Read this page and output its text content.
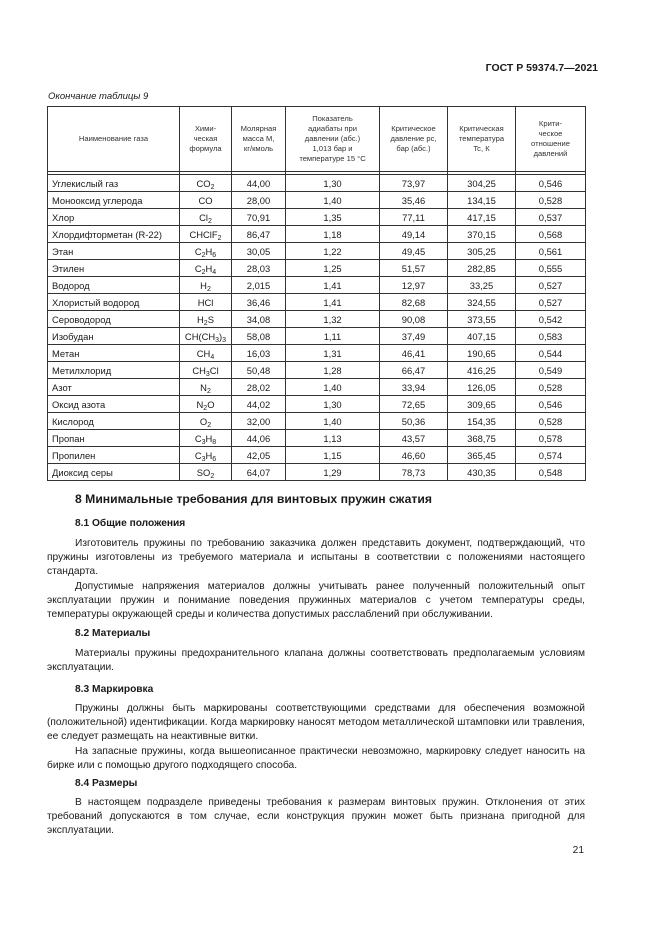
ГОСТ Р 59374.7—2021
Окончание таблицы 9
Наименование газа	Хими-
ческая
формула	Молярная
масса M,
кг/кмоль	Показатель
адиабаты при
давлении (абс.)
1,013 бар и
температуре 15 °С	Критическое
давление pc,
бар (абс.)	Критическая
температура
Tc, К	Крити-
ческое
отношение
давлений

Углекислый газ	$CO_2$	44,00	1,30	73,97	304,25	0,546
Монооксид углерода	CO	28,00	1,40	35,46	134,15	0,528
Хлор	$Cl_2$	70,91	1,35	77,11	417,15	0,537
Хлордифторметан (R-22)	CHClF$_2$	86,47	1,18	49,14	370,15	0,568
Этан	$C_2H_6$	30,05	1,22	49,45	305,25	0,561
Этилен	$C_2H_4$	28,03	1,25	51,57	282,85	0,555
Водород	$H_2$	2,015	1,41	12,97	33,25	0,527
Хлористый водород	HCl	36,46	1,41	82,68	324,55	0,527
Сероводород	$H_2S$	34,08	1,32	90,08	373,55	0,542
Изобудан	$CH(CH_3)_3$	58,08	1,11	37,49	407,15	0,583
Метан	$CH_4$	16,03	1,31	46,41	190,65	0,544
Метилхлорид	$CH_3Cl$	50,48	1,28	66,47	416,25	0,549
Азот	$N_2$	28,02	1,40	33,94	126,05	0,528
Оксид азота	$N_2O$	44,02	1,30	72,65	309,65	0,546
Кислород	$O_2$	32,00	1,40	50,36	154,35	0,528
Пропан	$C_3H_8$	44,06	1,13	43,57	368,75	0,578
Пропилен	$C_3H_6$	42,05	1,15	46,60	365,45	0,574
Диоксид серы	$SO_2$	64,07	1,29	78,73	430,35	0,548
8 Минимальные требования для винтовых пружин сжатия
8.1 Общие положения

Изготовитель пружины по требованию заказчика должен представить документ, подтверждающий, что пружины изготовлены из требуемого материала и испытаны в соответствии с положениями настоящего стандарта.

Допустимые напряжения материалов должны учитывать ранее полученный положительный опыт эксплуатации пружин и понимание поведения пружинных материалов с учетом температуры среды, температуры окружающей среды и количества допустимых расслаблений при обслуживании.

8.2 Материалы

Материалы пружины предохранительного клапана должны соответствовать предполагаемым условиям эксплуатации.

8.3 Маркировка

Пружины должны быть маркированы соответствующими средствами для обеспечения возможной (положительной) идентификации. Когда маркировку наносят методом металлической штамповки или травления, ее следует размещать на неактивные витки.

На запасные пружины, когда вышеописанное практически невозможно, маркировку следует наносить на бирке или с помощью другого подходящего способа.

8.4 Размеры

В настоящем подразделе приведены требования к размерам винтовых пружин. Отклонения от этих требований допускаются в том случае, если конструкция пружин может быть признана пригодной для эксплуатации.

21
